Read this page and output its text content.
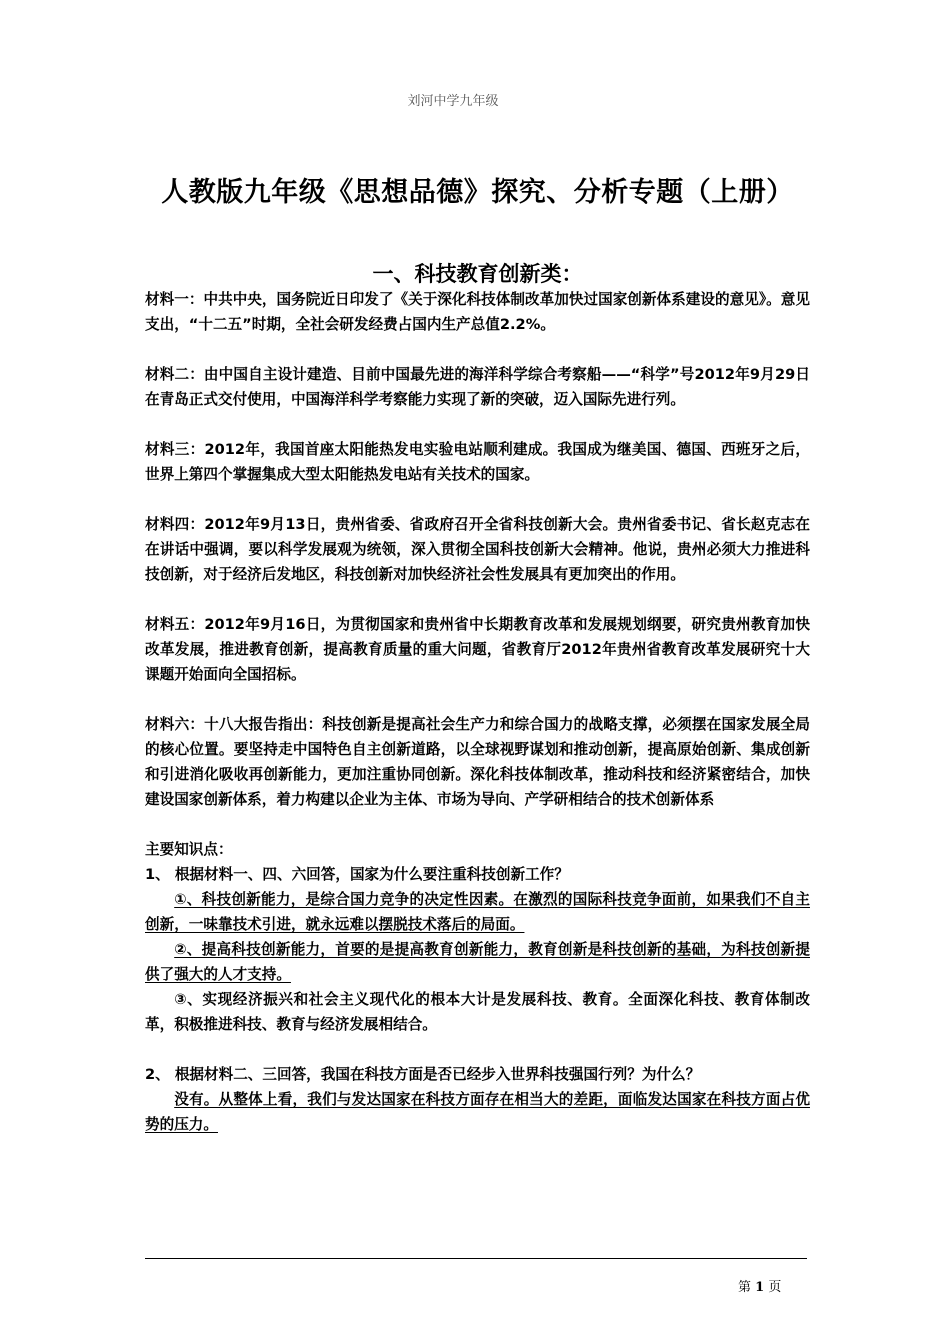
刘河中学九年级
人教版九年级《思想品德》探究、分析专题（上册）
一、科技教育创新类：

材料一：中共中央，国务院近日印发了《关于深化科技体制改革加快过国家创新体系建设的意见》。意见支出，“十二五”时期，全社会研发经费占国内生产总值2.2%。

材料二：由中国自主设计建造、目前中国最先进的海洋科学综合考察船——“科学”号2012年9月29日在青岛正式交付使用，中国海洋科学考察能力实现了新的突破，迈入国际先进行列。

材料三：2012年，我国首座太阳能热发电实验电站顺利建成。我国成为继美国、德国、西班牙之后，世界上第四个掌握集成大型太阳能热发电站有关技术的国家。

材料四：2012年9月13日，贵州省委、省政府召开全省科技创新大会。贵州省委书记、省长赵克志在在讲话中强调，要以科学发展观为统领，深入贯彻全国科技创新大会精神。他说，贵州必须大力推进科技创新，对于经济后发地区，科技创新对加快经济社会性发展具有更加突出的作用。

材料五：2012年9月16日，为贯彻国家和贵州省中长期教育改革和发展规划纲要，研究贵州教育加快改革发展，推进教育创新，提高教育质量的重大问题，省教育厅2012年贵州省教育改革发展研究十大课题开始面向全国招标。

材料六：十八大报告指出：科技创新是提高社会生产力和综合国力的战略支撑，必须摆在国家发展全局的核心位置。要坚持走中国特色自主创新道路，以全球视野谋划和推动创新，提高原始创新、集成创新和引进消化吸收再创新能力，更加注重协同创新。深化科技体制改革，推动科技和经济紧密结合，加快建设国家创新体系，着力构建以企业为主体、市场为导向、产学研相结合的技术创新体系

主要知识点：

1、 根据材料一、四、六回答，国家为什么要注重科技创新工作？

①、科技创新能力，是综合国力竞争的决定性因素。在激烈的国际科技竞争面前，如果我们不自主创新，一味靠技术引进，就永远难以摆脱技术落后的局面。

②、提高科技创新能力，首要的是提高教育创新能力，教育创新是科技创新的基础，为科技创新提供了强大的人才支持。

③、实现经济振兴和社会主义现代化的根本大计是发展科技、教育。全面深化科技、教育体制改革，积极推进科技、教育与经济发展相结合。

2、 根据材料二、三回答，我国在科技方面是否已经步入世界科技强国行列？为什么？

没有。从整体上看，我们与发达国家在科技方面存在相当大的差距，面临发达国家在科技方面占优势的压力。

第 1 页
